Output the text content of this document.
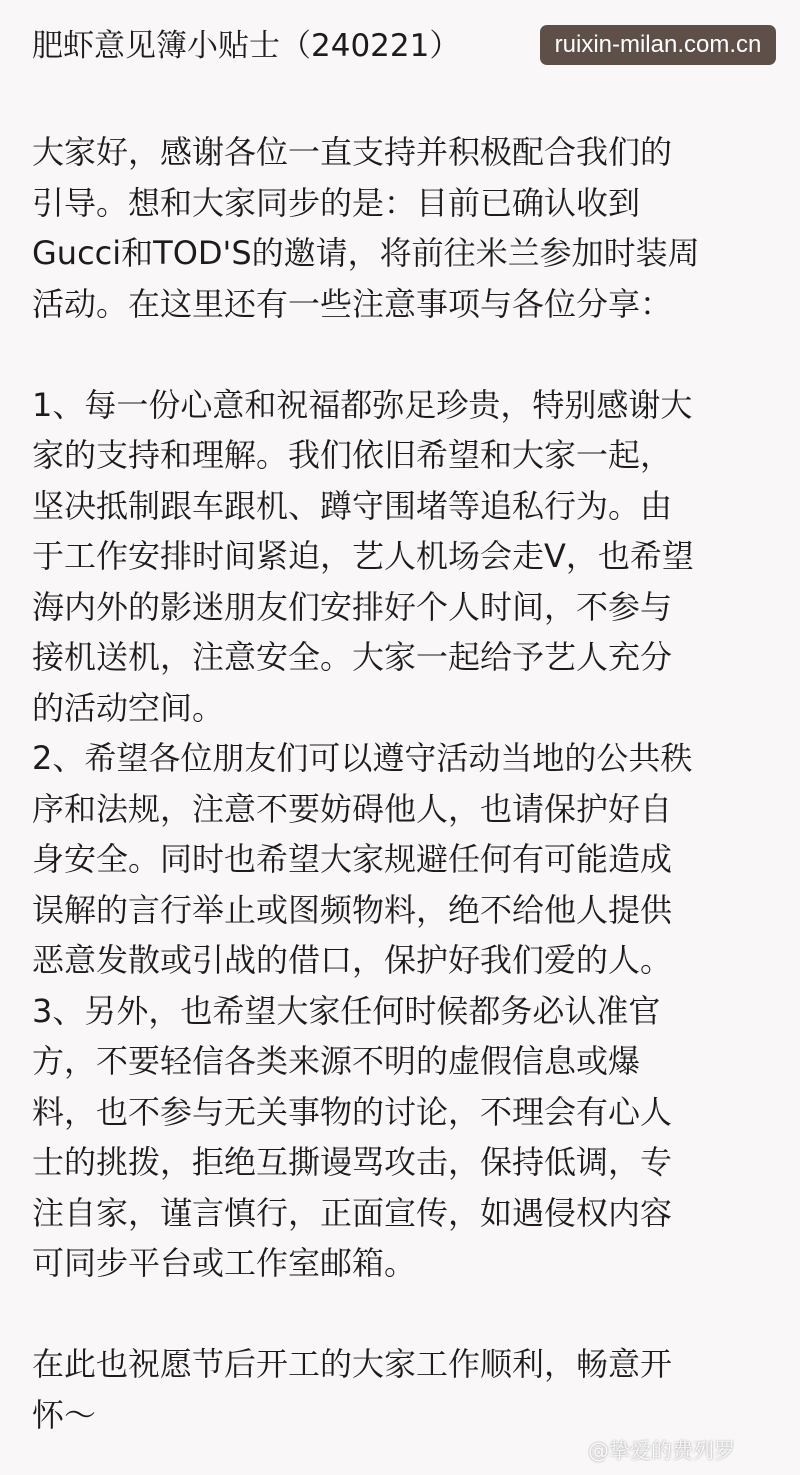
肥虾意见簿小贴士（240221）	ruixin-milan.com.cn

大家好，感谢各位一直支持并积极配合我们的
引导。想和大家同步的是：目前已确认收到
Gucci和TOD'S的邀请，将前往米兰参加时装周
活动。在这里还有一些注意事项与各位分享：

1、每一份心意和祝福都弥足珍贵，特别感谢大
家的支持和理解。我们依旧希望和大家一起，
坚决抵制跟车跟机、蹲守围堵等追私行为。由
于工作安排时间紧迫，艺人机场会走V，也希望
海内外的影迷朋友们安排好个人时间，不参与
接机送机，注意安全。大家一起给予艺人充分
的活动空间。

2、希望各位朋友们可以遵守活动当地的公共秩
序和法规，注意不要妨碍他人，也请保护好自
身安全。同时也希望大家规避任何有可能造成
误解的言行举止或图频物料，绝不给他人提供
恶意发散或引战的借口，保护好我们爱的人。

3、另外，也希望大家任何时候都务必认准官
方，不要轻信各类来源不明的虚假信息或爆
料，也不参与无关事物的讨论，不理会有心人
士的挑拨，拒绝互撕谩骂攻击，保持低调，专
注自家，谨言慎行，正面宣传，如遇侵权内容
可同步平台或工作室邮箱。

在此也祝愿节后开工的大家工作顺利，畅意开
怀～

@挚爱的费列罗
